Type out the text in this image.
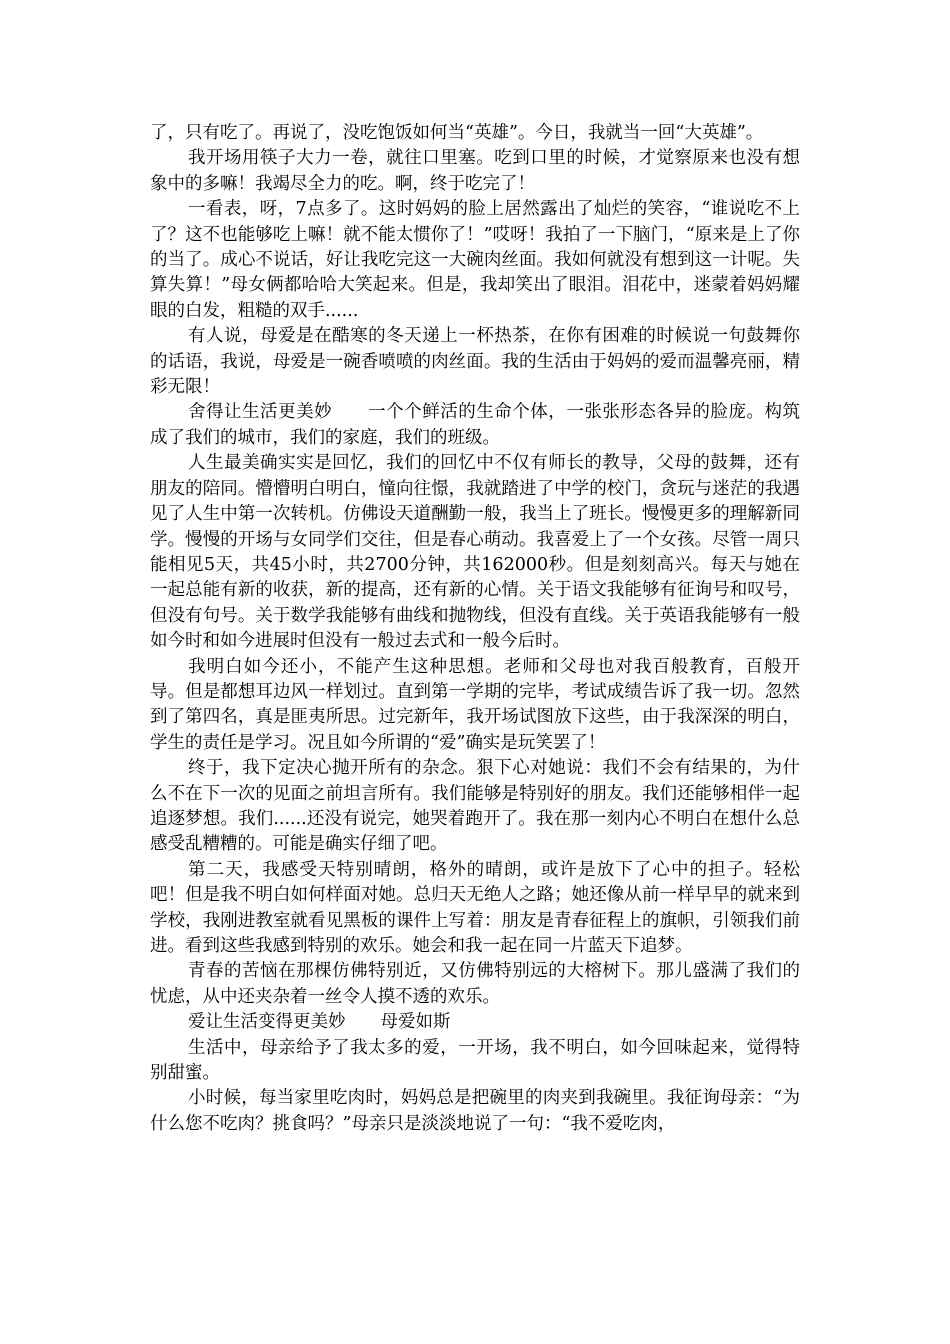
了，只有吃了。再说了，没吃饱饭如何当“英雄”。今日，我就当一回“大英雄”。

我开场用筷子大力一卷，就往口里塞。吃到口里的时候，才觉察原来也没有想象中的多嘛！我竭尽全力的吃。啊，终于吃完了！

一看表，呀，7点多了。这时妈妈的脸上居然露出了灿烂的笑容，“谁说吃不上了？这不也能够吃上嘛！就不能太惯你了！”哎呀！我拍了一下脑门，“原来是上了你的当了。成心不说话，好让我吃完这一大碗肉丝面。我如何就没有想到这一计呢。失算失算！”母女俩都哈哈大笑起来。但是，我却笑出了眼泪。泪花中，迷蒙着妈妈耀眼的白发，粗糙的双手......

有人说，母爱是在酷寒的冬天递上一杯热茶，在你有困难的时候说一句鼓舞你的话语，我说，母爱是一碗香喷喷的肉丝面。我的生活由于妈妈的爱而温馨亮丽，精彩无限！

舍得让生活更美妙　　一个个鲜活的生命个体，一张张形态各异的脸庞。构筑成了我们的城市，我们的家庭，我们的班级。

人生最美确实实是回忆，我们的回忆中不仅有师长的教导，父母的鼓舞，还有朋友的陪同。懵懵明白明白，憧向往憬，我就踏进了中学的校门，贪玩与迷茫的我遇见了人生中第一次转机。仿佛设天道酬勤一般，我当上了班长。慢慢更多的理解新同学。慢慢的开场与女同学们交往，但是春心萌动。我喜爱上了一个女孩。尽管一周只能相见5天，共45小时，共2700分钟，共162000秒。但是刻刻高兴。每天与她在一起总能有新的收获，新的提高，还有新的心情。关于语文我能够有征询号和叹号，但没有句号。关于数学我能够有曲线和抛物线，但没有直线。关于英语我能够有一般如今时和如今进展时但没有一般过去式和一般今后时。

我明白如今还小，不能产生这种思想。老师和父母也对我百般教育，百般开导。但是都想耳边风一样划过。直到第一学期的完毕，考试成绩告诉了我一切。忽然到了第四名，真是匪夷所思。过完新年，我开场试图放下这些，由于我深深的明白，学生的责任是学习。况且如今所谓的“爱”确实是玩笑罢了！

终于，我下定决心抛开所有的杂念。狠下心对她说：我们不会有结果的，为什么不在下一次的见面之前坦言所有。我们能够是特别好的朋友。我们还能够相伴一起追逐梦想。我们......还没有说完，她哭着跑开了。我在那一刻内心不明白在想什么总感受乱糟糟的。可能是确实仔细了吧。

第二天，我感受天特别晴朗，格外的晴朗，或许是放下了心中的担子。轻松吧！但是我不明白如何样面对她。总归天无绝人之路；她还像从前一样早早的就来到学校，我刚进教室就看见黑板的课件上写着：朋友是青春征程上的旗帜，引领我们前进。看到这些我感到特别的欢乐。她会和我一起在同一片蓝天下追梦。

青春的苦恼在那棵仿佛特别近，又仿佛特别远的大榕树下。那儿盛满了我们的忧虑，从中还夹杂着一丝令人摸不透的欢乐。

爱让生活变得更美妙　　母爱如斯

生活中，母亲给予了我太多的爱，一开场，我不明白，如今回味起来，觉得特别甜蜜。

小时候，每当家里吃肉时，妈妈总是把碗里的肉夹到我碗里。我征询母亲：“为什么您不吃肉？挑食吗？”母亲只是淡淡地说了一句：“我不爱吃肉，
